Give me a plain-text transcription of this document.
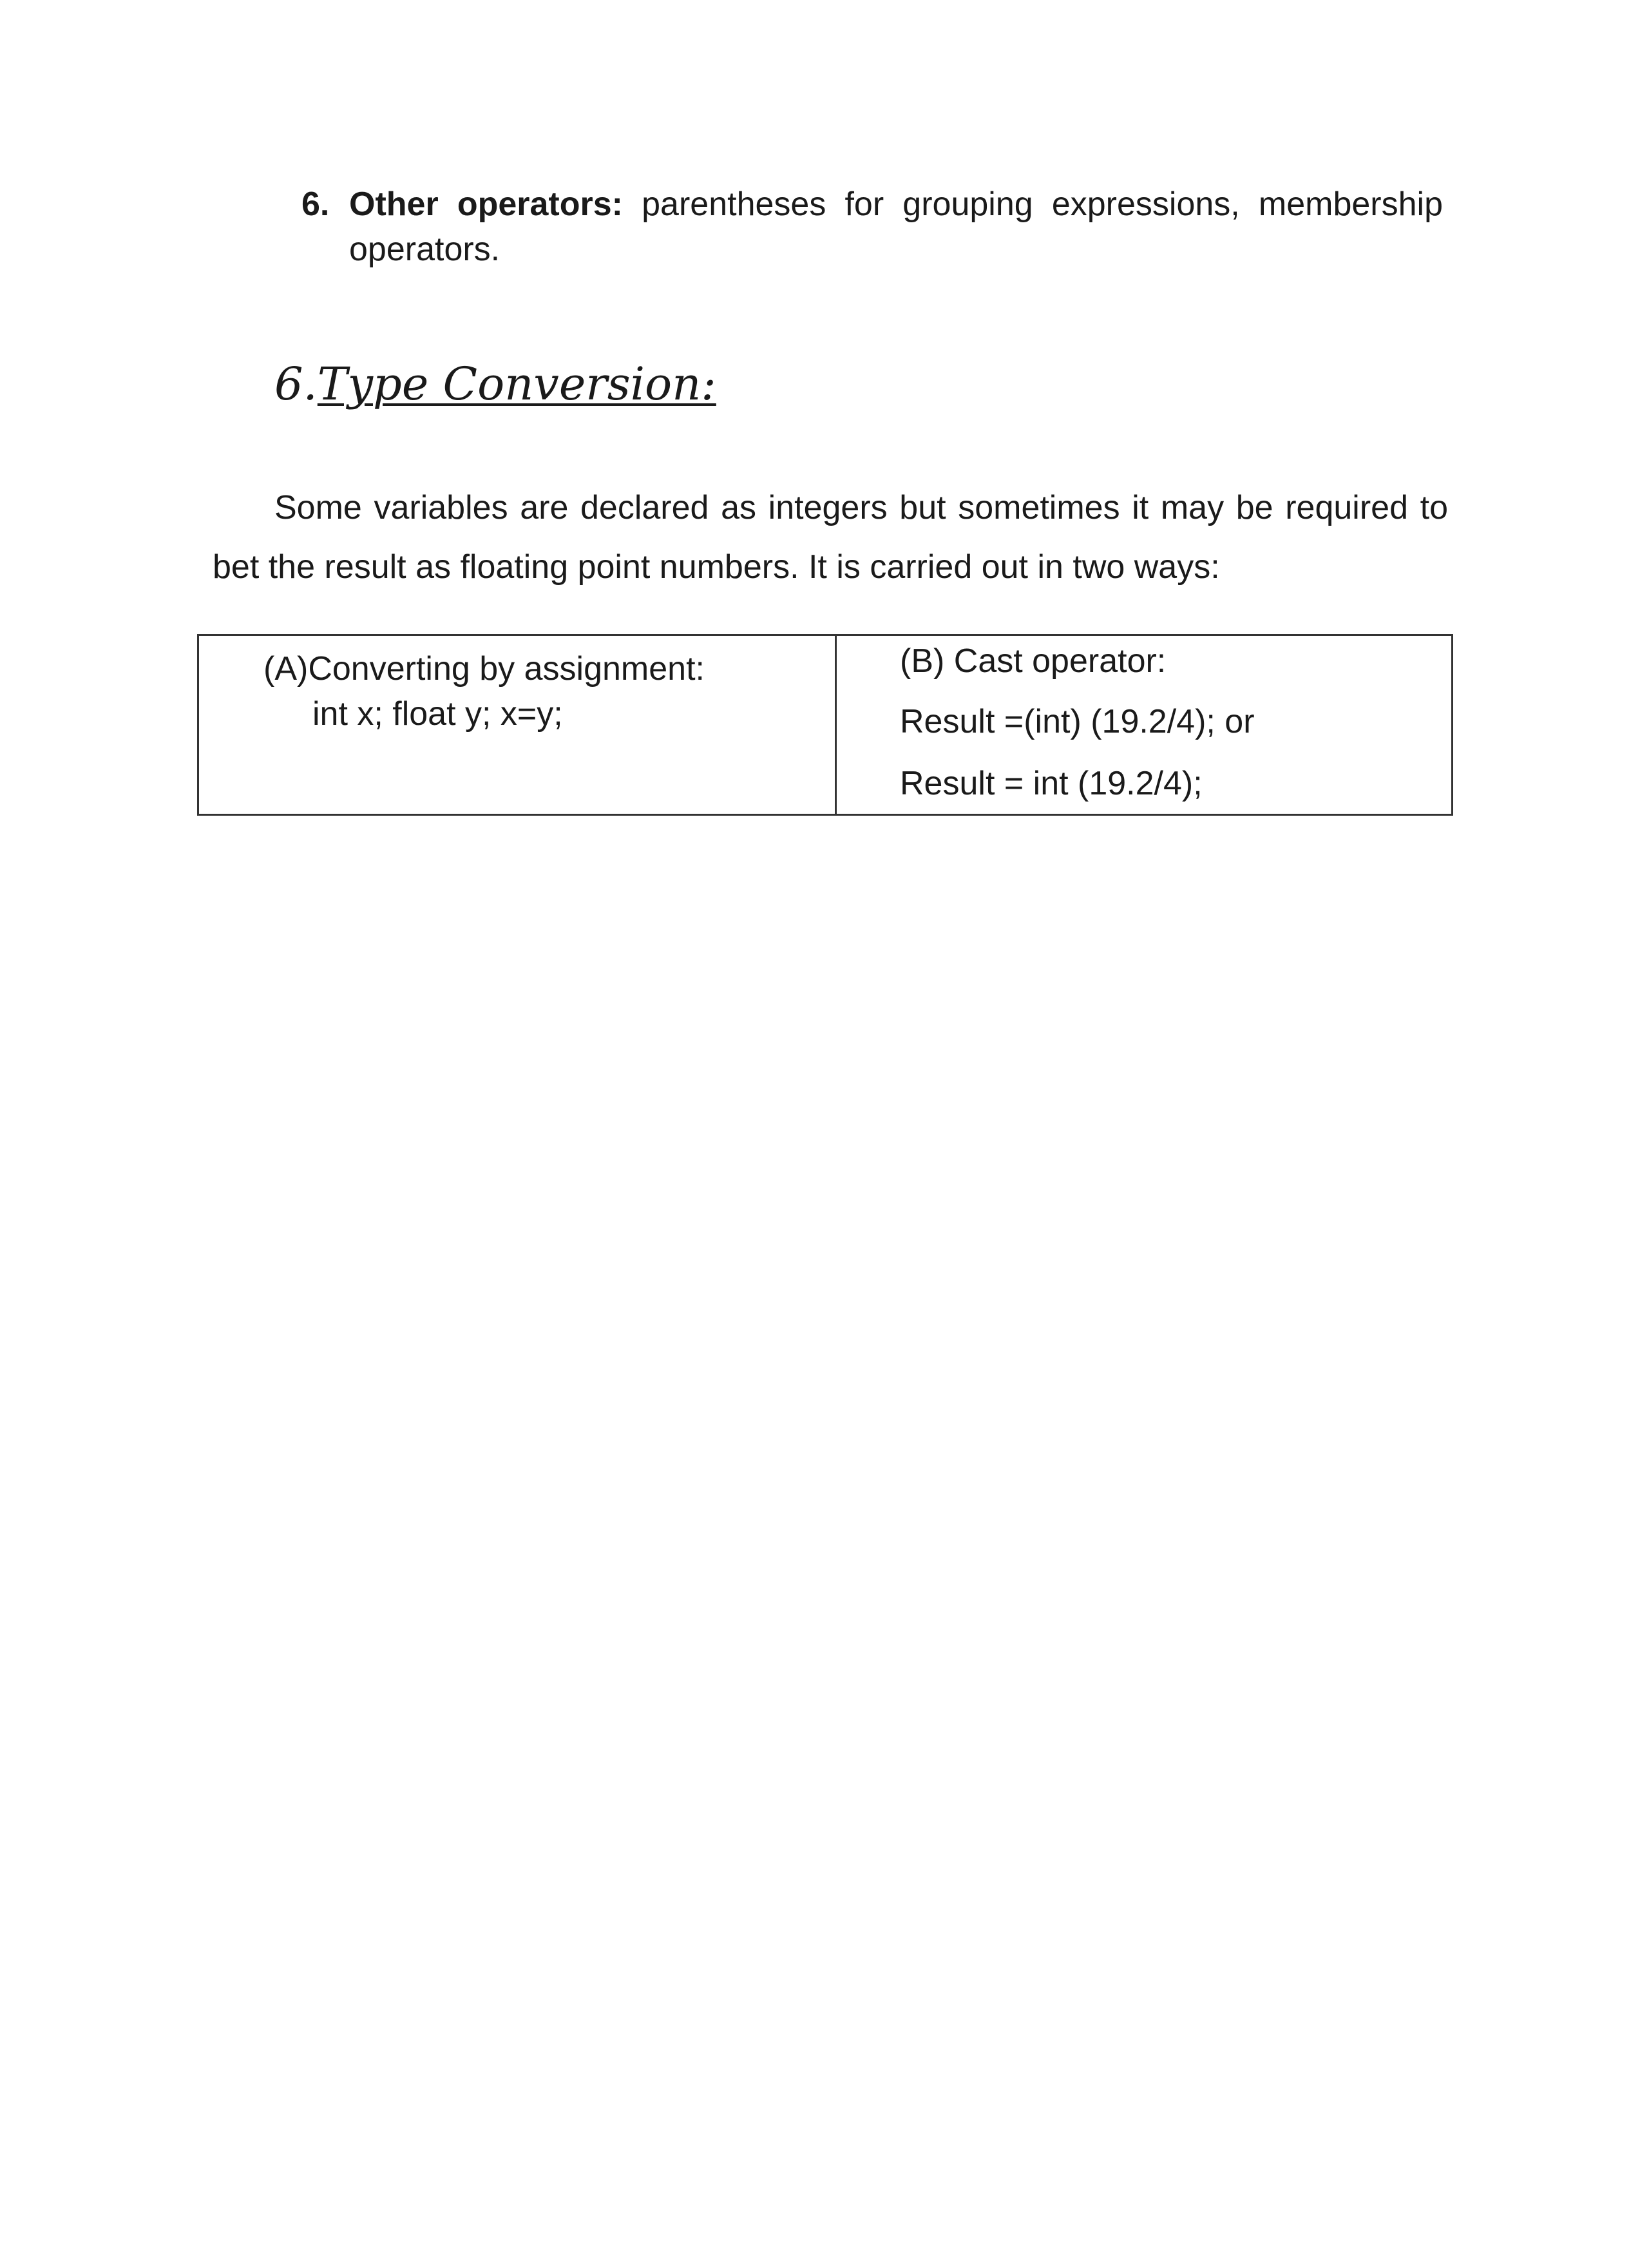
6. Other operators: parentheses for grouping expressions, membership operators.
6.Type Conversion:

Some variables are declared as integers but sometimes it may be required to bet the result as floating point numbers. It is carried out in two ways:

(A)Converting by assignment:
int x; float y; x=y;
(B) Cast operator:
Result =(int) (19.2/4); or
Result = int (19.2/4);
